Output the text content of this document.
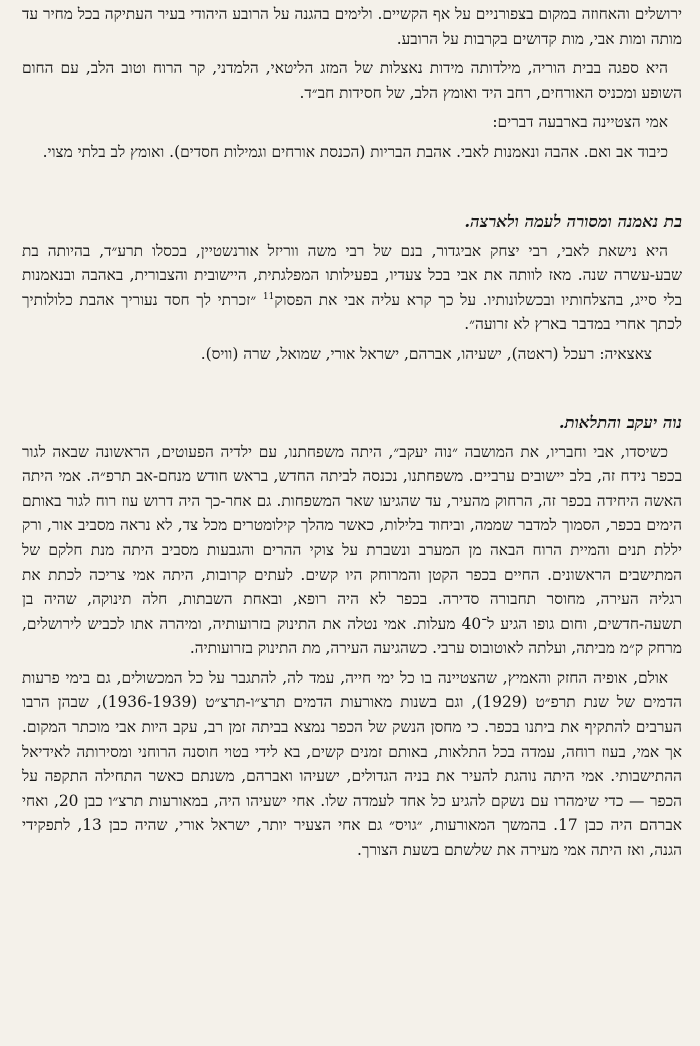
ירושלים והאחוזה במקום בצפורניים על אף הקשיים. ולימים בהגנה על הרובע היהודי בעיר העתיקה בכל מחיר עד מותה ומות אבי, מות קדושים בקרבות על הרובע.

היא ספגה בבית הוריה, מילדותה מידות נאצלות של המזג הליטאי, הלמדני, קר הרוח וטוב הלב, עם החום השופע ומכניס האורחים, רחב היד ואומץ הלב, של חסידות חב״ד.

אמי הצטיינה בארבעה דברים:

כיבוד אב ואם. אהבה ונאמנות לאבי. אהבת הבריות (הכנסת אורחים וגמילות חסדים). ואומץ לב בלתי מצוי.

בת נאמנה ומסורה לעמה ולארצה.

היא נישאת לאבי, רבי יצחק אביגדור, בנם של רבי משה ווריזל אורנשטיין, בכסלו תרע״ד, בהיותה בת שבע-עשרה שנה. מאז לוותה את אבי בכל צעדיו, בפעילותו המפלגתית, היישובית והצבורית, באהבה ובנאמנות בלי סייג, בהצלחותיו ובכשלונותיו. על כך קרא עליה אבי את הפסוק$^{11}$ ״זכרתי לך חסד נעוריך אהבת כלולותיך לכתך אחרי במדבר בארץ לא זרועה״.

צאצאיה: רעכל (ראטה), ישעיהו, אברהם, ישראל אורי, שמואל, שרה (וויס).

נוה יעקב והתלאות.

כשיסדו, אבי וחבריו, את המושבה ״נוה יעקב״, היתה משפחתנו, עם ילדיה הפעוטים, הראשונה שבאה לגור בכפר נידח זה, בלב יישובים ערביים. משפחתנו, נכנסה לביתה החדש, בראש חודש מנחם-אב תרפ״ה. אמי היתה האשה היחידה בכפר זה, הרחוק מהעיר, עד שהגיעו שאר המשפחות. גם אחר-כך היה דרוש עוז רוח לגור באותם הימים בכפר, הסמוך למדבר שממה, וביחוד בלילות, כאשר מהלך קילומטרים מכל צד, לא נראה מסביב אור, ורק יללת תנים והמיית הרוח הבאה מן המערב ונשברת על צוקי ההרים והגבעות מסביב היתה מנת חלקם של המתישבים הראשונים. החיים בכפר הקטן והמרוחק היו קשים. לעתים קרובות, היתה אמי צריכה לכתת את רגליה העירה, מחוסר תחבורה סדירה. בכפר לא היה רופא, ובאחת השבתות, חלה תינוקה, שהיה בן תשעה-חדשים, וחום גופו הגיע ל־40 מעלות. אמי נטלה את התינוק בזרועותיה, ומיהרה אתו לכביש לירושלים, מרחק ק״מ מביתה, ועלתה לאוטובוס ערבי. כשהגיעה העירה, מת התינוק בזרועותיה.

אולם, אופיה החזק והאמיץ, שהצטיינה בו כל ימי חייה, עמד לה, להתגבר על כל המכשולים, גם בימי פרעות הדמים של שנת תרפ״ט (1929), וגם בשנות מאורעות הדמים תרצ״ו-תרצ״ט (1936-1939), שבהן הרבו הערבים להתקיף את ביתנו בכפר. כי מחסן הנשק של הכפר נמצא בביתה זמן רב, עקב היות אבי מוכתר המקום. אך אמי, בעוז רוחה, עמדה בכל התלאות, באותם זמנים קשים, בא לידי בטוי חוסנה הרוחני ומסירותה לאידיאל ההתישבותי. אמי היתה נוהגת להעיר את בניה הגדולים, ישעיהו ואברהם, משנתם כאשר התחילה התקפה על הכפר — כדי שימהרו עם נשקם להגיע כל אחד לעמדה שלו. אחי ישעיהו היה, במאורעות תרצ״ו כבן 20, ואחי אברהם היה כבן 17. בהמשך המאורעות, ״גויס״ גם אחי הצעיר יותר, ישראל אורי, שהיה כבן 13, לתפקידי הגנה, ואז היתה אמי מעירה את שלשתם בשעת הצורך.
